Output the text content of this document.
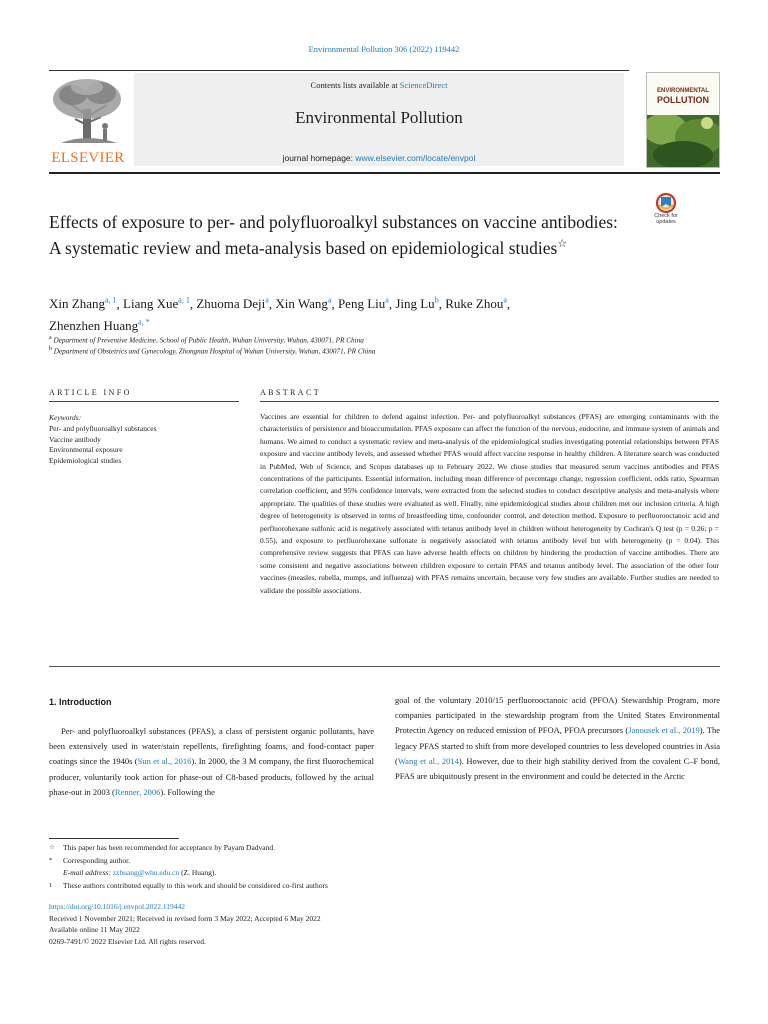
Environmental Pollution 306 (2022) 119442
ELSEVIER
Contents lists available at ScienceDirect
Environmental Pollution
journal homepage: www.elsevier.com/locate/envpol
ENVIRONMENTAL
POLLUTION
Check for
updates
Effects of exposure to per- and polyfluoroalkyl substances on vaccine antibodies: A systematic review and meta-analysis based on epidemiological studies☆
Xin Zhang$^{a, 1}$, Liang Xue$^{a, 1}$, Zhuoma Deji$^a$, Xin Wang$^a$, Peng Liu$^a$, Jing Lu$^b$, Ruke Zhou$^a$,
Zhenzhen Huang$^{a, *}$
$^a$ Department of Preventive Medicine, School of Public Health, Wuhan University, Wuhan, 430071, PR China
$^b$ Department of Obstetrics and Gynecology, Zhongnan Hospital of Wuhan University, Wuhan, 430071, PR China
ARTICLE INFO	ABSTRACT
Keywords:
Per- and polyfluoroalkyl substances
Vaccine antibody
Environmental exposure
Epidemiological studies
Vaccines are essential for children to defend against infection. Per- and polyfluoroalkyl substances (PFAS) are emerging contaminants with the characteristics of persistence and bioaccumulation. PFAS exposure can affect the function of the nervous, endocrine, and immune system of animals and humans. We aimed to conduct a systematic review and meta-analysis of the epidemiological studies investigating potential relationships between PFAS exposure and vaccine antibody levels, and assessed whether PFAS would affect vaccine response in healthy children. A literature search was conducted in PubMed, Web of Science, and Scopus databases up to February 2022. We chose studies that measured serum vaccines antibodies and PFAS concentrations of the participants. Essential information, including mean difference of percentage change, regression coefficient, odds ratio, Spearman correlation coefficient, and 95% confidence intervals, were extracted from the selected studies to conduct descriptive analysis and meta-analysis where appropriate. The qualities of these studies were evaluated as well. Finally, nine epidemiological studies about children met our inclusion criteria. A high degree of heterogeneity is observed in terms of breastfeeding time, confounder control, and detection method. Exposure to perfluorooctanoic acid and perfluorohexane sulfonic acid is negatively associated with tetanus antibody level in children without heterogeneity by Cochran's Q test (p = 0.26; p = 0.55), and exposure to perfluorohexane sulfonate is negatively associated with tetanus antibody level but with heterogeneity (p = 0.04). This comprehensive review suggests that PFAS can have adverse health effects on children by hindering the production of vaccine antibodies. There are some consistent and negative associations between children exposure to certain PFAS and tetanus antibody level. The association of the other four vaccines (measles, rubella, mumps, and influenza) with PFAS remains uncertain, because very few studies are available. Further studies are needed to validate the possible associations.
1. Introduction
Per- and polyfluoroalkyl substances (PFAS), a class of persistent organic pollutants, have been extensively used in water/stain repellents, firefighting foams, and food-contact paper coatings since the 1940s (Sun et al., 2016). In 2000, the 3 M company, the first fluorochemical producer, voluntarily took action for phase-out of C8-based products, followed by the actual phase-out in 2003 (Renner, 2006). Following the
goal of the voluntary 2010/15 perfluorooctanoic acid (PFOA) Stewardship Program, more companies participated in the stewardship program from the United States Environmental Protectin Agency on reduced emission of PFOA, PFOA precursors (Janousek et al., 2019). The legacy PFAS started to shift from more developed countries to less developed countries in Asia (Wang et al., 2014). However, due to their high stability derived from the covalent C–F bond, PFAS are ubiquitously present in the environment and could be detected in the Arctic
☆ This paper has been recommended for acceptance by Payam Dadvand.
* Corresponding author.
E-mail address: zzhuang@whu.edu.cn (Z. Huang).
1 These authors contributed equally to this work and should be considered co-first authors
https://doi.org/10.1016/j.envpol.2022.119442
Received 1 November 2021; Received in revised form 3 May 2022; Accepted 6 May 2022
Available online 11 May 2022
0269-7491/© 2022 Elsevier Ltd. All rights reserved.
